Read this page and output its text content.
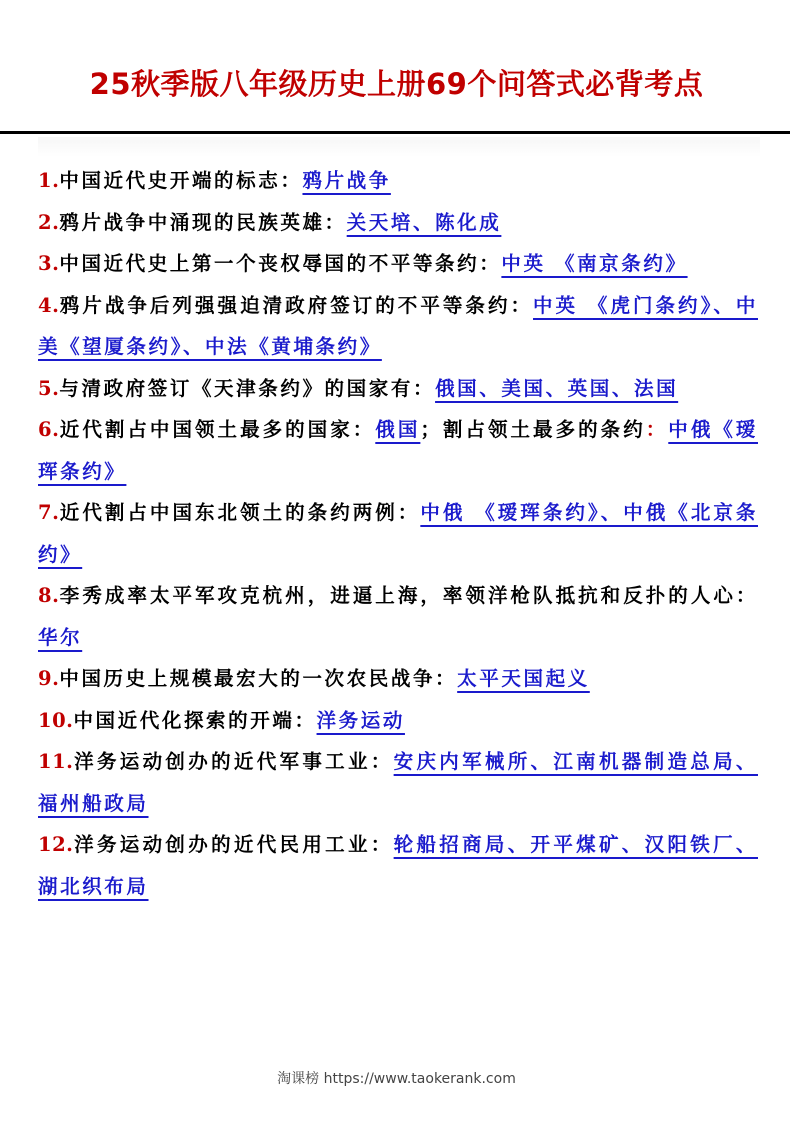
25秋季版八年级历史上册69个问答式必背考点
1.中国近代史开端的标志：鸦片战争
2.鸦片战争中涌现的民族英雄：关天培、陈化成
3.中国近代史上第一个丧权辱国的不平等条约：中英 《南京条约》
4.鸦片战争后列强强迫清政府签订的不平等条约：中英 《虎门条约》、中美《望厦条约》、中法《黄埔条约》
5.与清政府签订《天津条约》的国家有：俄国、美国、英国、法国
6.近代割占中国领土最多的国家：俄国；割占领土最多的条约：中俄《瑷珲条约》
7.近代割占中国东北领土的条约两例：中俄 《瑷珲条约》、中俄《北京条约》
8.李秀成率太平军攻克杭州，进逼上海，率领洋枪队抵抗和反扑的人心：华尔
9.中国历史上规模最宏大的一次农民战争：太平天国起义
10.中国近代化探索的开端：洋务运动
11.洋务运动创办的近代军事工业：安庆内军械所、江南机器制造总局、福州船政局
12.洋务运动创办的近代民用工业：轮船招商局、开平煤矿、汉阳铁厂、湖北织布局
淘课榜 https://www.taokerank.com
